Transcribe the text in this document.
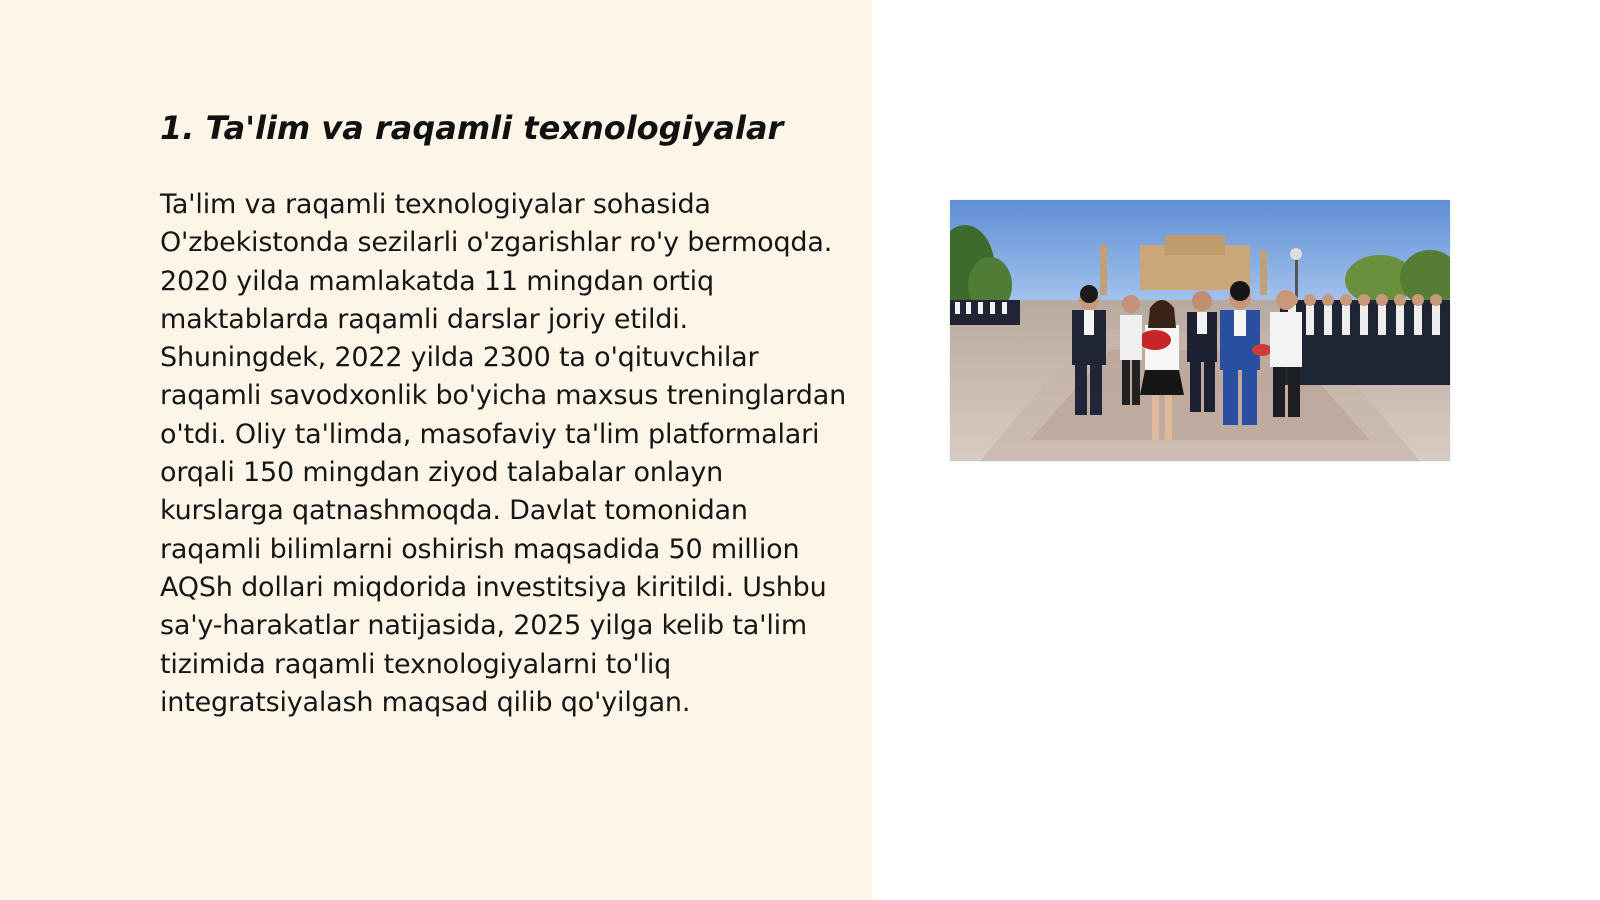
1. Ta'lim va raqamli texnologiyalar

Ta'lim va raqamli texnologiyalar sohasida O'zbekistonda sezilarli o'zgarishlar ro'y bermoqda. 2020 yilda mamlakatda 11 mingdan ortiq maktablarda raqamli darslar joriy etildi. Shuningdek, 2022 yilda 2300 ta o'qituvchilar raqamli savodxonlik bo'yicha maxsus treninglardan o'tdi. Oliy ta'limda, masofaviy ta'lim platformalari orqali 150 mingdan ziyod talabalar onlayn kurslarga qatnashmoqda. Davlat tomonidan raqamli bilimlarni oshirish maqsadida 50 million AQSh dollari miqdorida investitsiya kiritildi. Ushbu sa'y-harakatlar natijasida, 2025 yilga kelib ta'lim tizimida raqamli texnologiyalarni to'liq integratsiyalash maqsad qilib qo'yilgan.
